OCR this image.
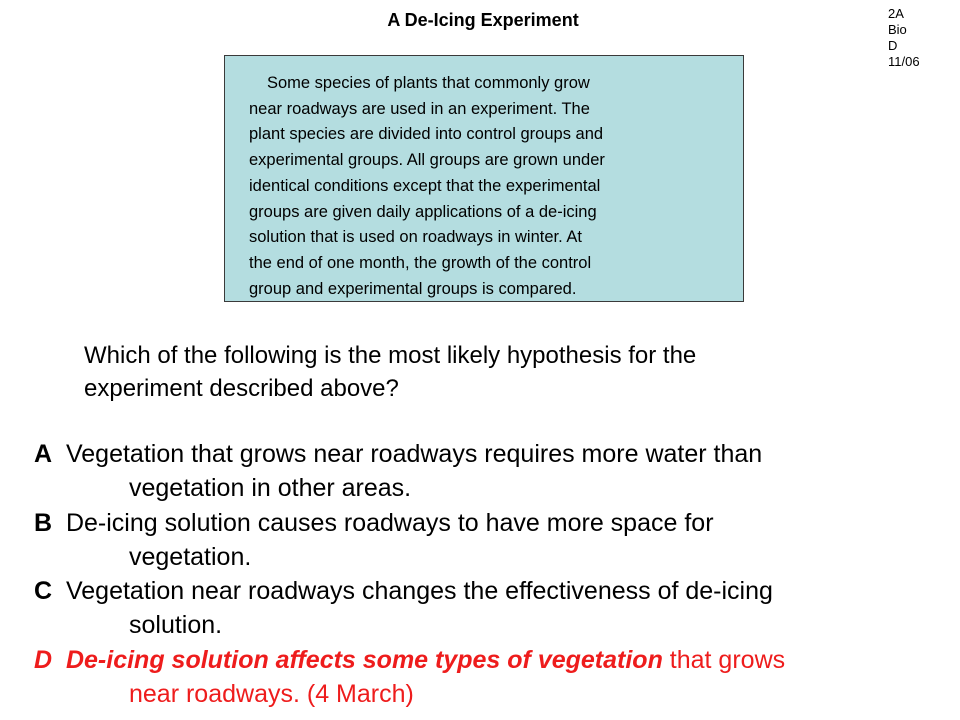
A De-Icing Experiment	2A
Bio
D
11/06
Some species of plants that commonly grow
near roadways are used in an experiment. The
plant species are divided into control groups and
experimental groups. All groups are grown under
identical conditions except that the experimental
groups are given daily applications of a de-icing
solution that is used on roadways in winter. At
the end of one month, the growth of the control
group and experimental groups is compared.
Which of the following is the most likely hypothesis for the
experiment described above?
A Vegetation that grows near roadways requires more water than
vegetation in other areas.
B De-icing solution causes roadways to have more space for
vegetation.
C Vegetation near roadways changes the effectiveness of de-icing
solution.
D De-icing solution affects some types of vegetation that grows
near roadways. (4 March)
